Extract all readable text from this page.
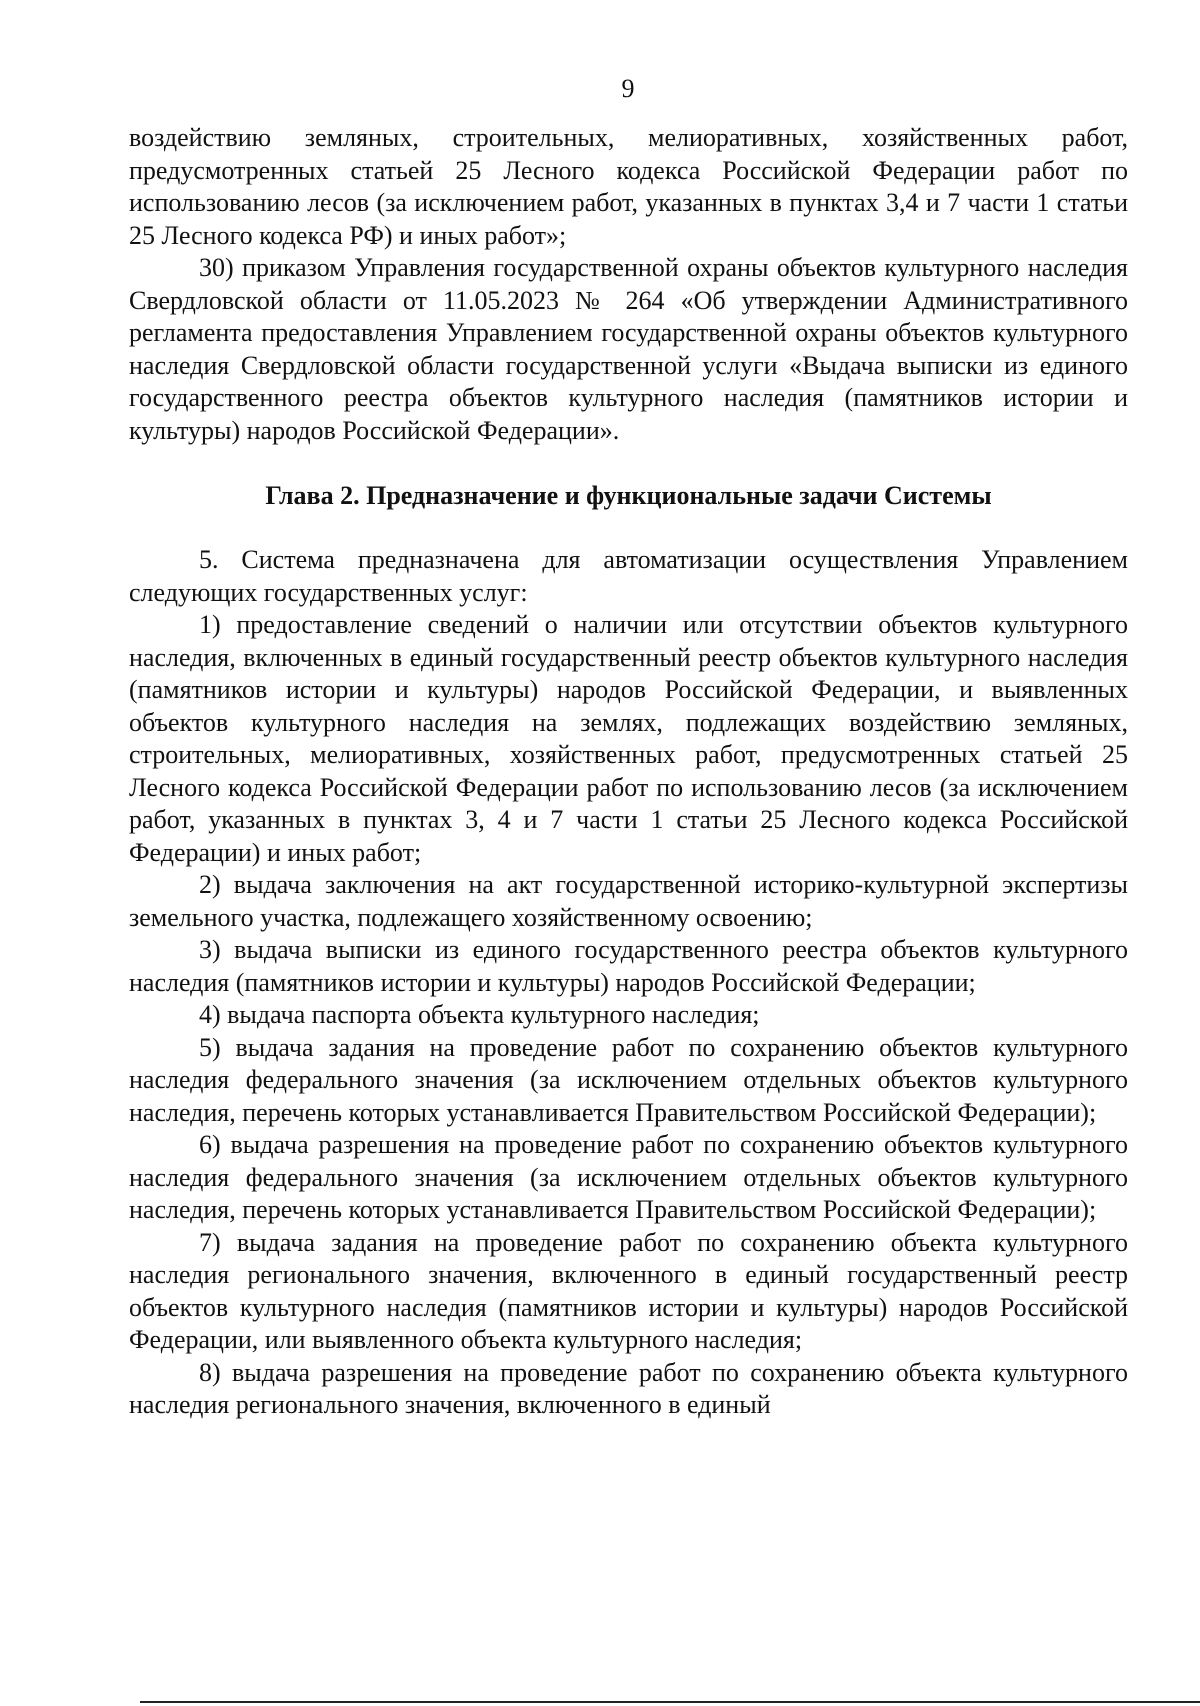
9

воздействию земляных, строительных, мелиоративных, хозяйственных работ, предусмотренных статьей 25 Лесного кодекса Российской Федерации работ по использованию лесов (за исключением работ, указанных в пунктах 3,4 и 7 части 1 статьи 25 Лесного кодекса РФ) и иных работ»;

30) приказом Управления государственной охраны объектов культурного наследия Свердловской области от 11.05.2023 № 264 «Об утверждении Административного регламента предоставления Управлением государственной охраны объектов культурного наследия Свердловской области государственной услуги «Выдача выписки из единого государственного реестра объектов культурного наследия (памятников истории и культуры) народов Российской Федерации».

Глава 2. Предназначение и функциональные задачи Системы

5. Система предназначена для автоматизации осуществления Управлением следующих государственных услуг:

1) предоставление сведений о наличии или отсутствии объектов культурного наследия, включенных в единый государственный реестр объектов культурного наследия (памятников истории и культуры) народов Российской Федерации, и выявленных объектов культурного наследия на землях, подлежащих воздействию земляных, строительных, мелиоративных, хозяйственных работ, предусмотренных статьей 25 Лесного кодекса Российской Федерации работ по использованию лесов (за исключением работ, указанных в пунктах 3, 4 и 7 части 1 статьи 25 Лесного кодекса Российской Федерации) и иных работ;

2) выдача заключения на акт государственной историко-культурной экспертизы земельного участка, подлежащего хозяйственному освоению;

3) выдача выписки из единого государственного реестра объектов культурного наследия (памятников истории и культуры) народов Российской Федерации;

4) выдача паспорта объекта культурного наследия;

5) выдача задания на проведение работ по сохранению объектов культурного наследия федерального значения (за исключением отдельных объектов культурного наследия, перечень которых устанавливается Правительством Российской Федерации);

6) выдача разрешения на проведение работ по сохранению объектов культурного наследия федерального значения (за исключением отдельных объектов культурного наследия, перечень которых устанавливается Правительством Российской Федерации);

7) выдача задания на проведение работ по сохранению объекта культурного наследия регионального значения, включенного в единый государственный реестр объектов культурного наследия (памятников истории и культуры) народов Российской Федерации, или выявленного объекта культурного наследия;

8) выдача разрешения на проведение работ по сохранению объекта культурного наследия регионального значения, включенного в единый
